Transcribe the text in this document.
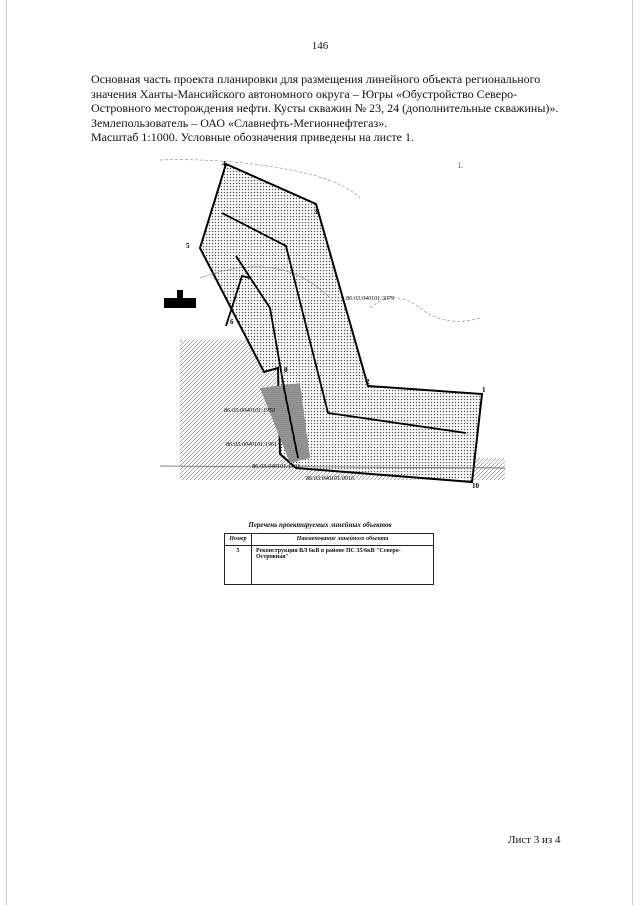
146

Основная часть проекта планировки для размещения линейного объекта регионального значения Ханты-Мансийского автономного округа – Югры «Обустройство Северо-Островного месторождения нефти. Кусты скважин № 23, 24 (дополнительные скважины)».

Землепользователь – ОАО «Славнефть-Мегионнефтегаз».

Масштаб 1:1000. Условные обозначения приведены на листе 1.

4
5
3
2
1
10
6
8
86:03:040101:3079
86:03:0040101:1950
86:03:0040101:1961
86:03:040101:1961
86:03:040101:0016
L
Перечень проектируемых линейных объектов
Номер	Наименование линейного объекта
5	Реконструкция ВЛ 6кВ в районе ПС 35/6кВ "Северо-Островная"
Лист 3 из 4
